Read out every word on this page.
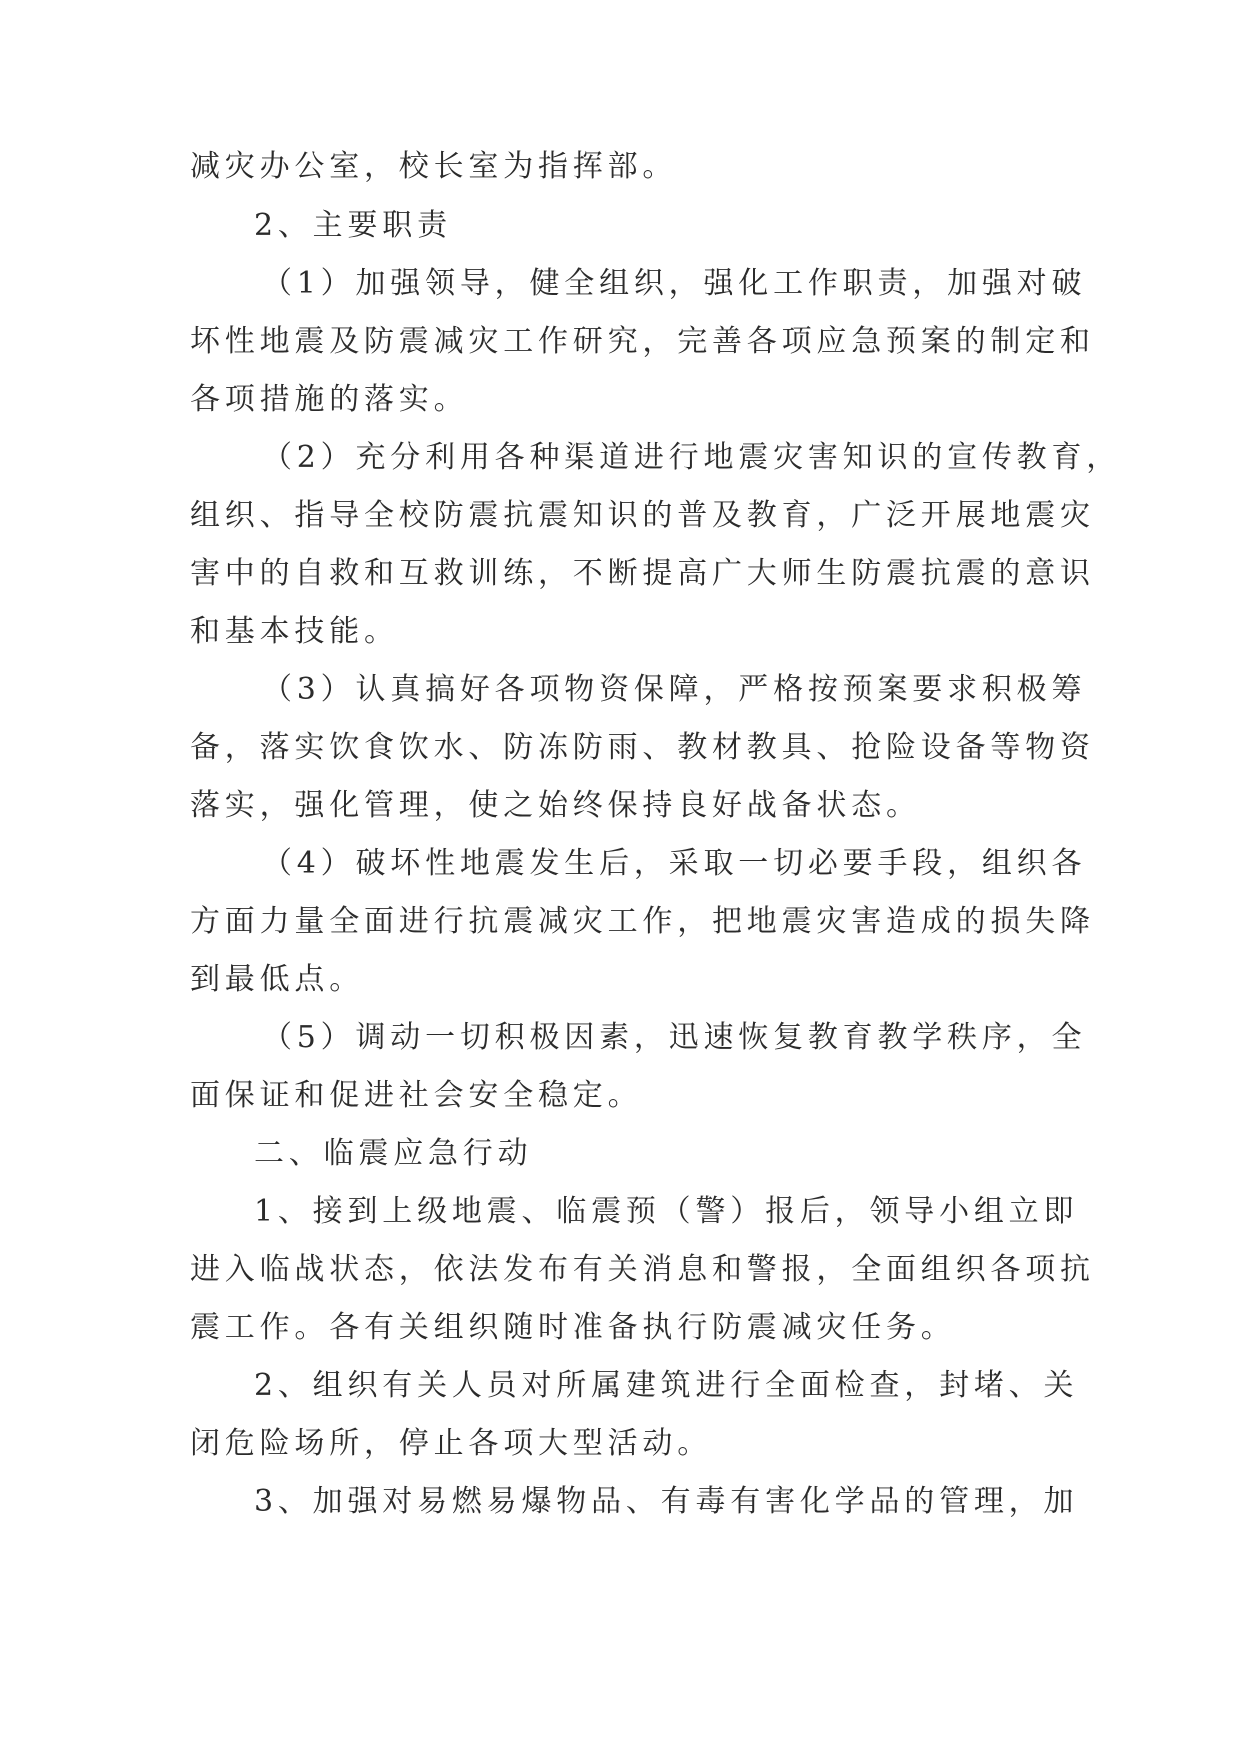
减灾办公室，校长室为指挥部。
2、主要职责
（1）加强领导，健全组织，强化工作职责，加强对破
坏性地震及防震减灾工作研究，完善各项应急预案的制定和
各项措施的落实。
（2）充分利用各种渠道进行地震灾害知识的宣传教育，
组织、指导全校防震抗震知识的普及教育，广泛开展地震灾
害中的自救和互救训练，不断提高广大师生防震抗震的意识
和基本技能。
（3）认真搞好各项物资保障，严格按预案要求积极筹
备，落实饮食饮水、防冻防雨、教材教具、抢险设备等物资
落实，强化管理，使之始终保持良好战备状态。
（4）破坏性地震发生后，采取一切必要手段，组织各
方面力量全面进行抗震减灾工作，把地震灾害造成的损失降
到最低点。
（5）调动一切积极因素，迅速恢复教育教学秩序，全
面保证和促进社会安全稳定。
二、临震应急行动
1、接到上级地震、临震预（警）报后，领导小组立即
进入临战状态，依法发布有关消息和警报，全面组织各项抗
震工作。各有关组织随时准备执行防震减灾任务。
2、组织有关人员对所属建筑进行全面检查，封堵、关
闭危险场所，停止各项大型活动。
3、加强对易燃易爆物品、有毒有害化学品的管理，加
